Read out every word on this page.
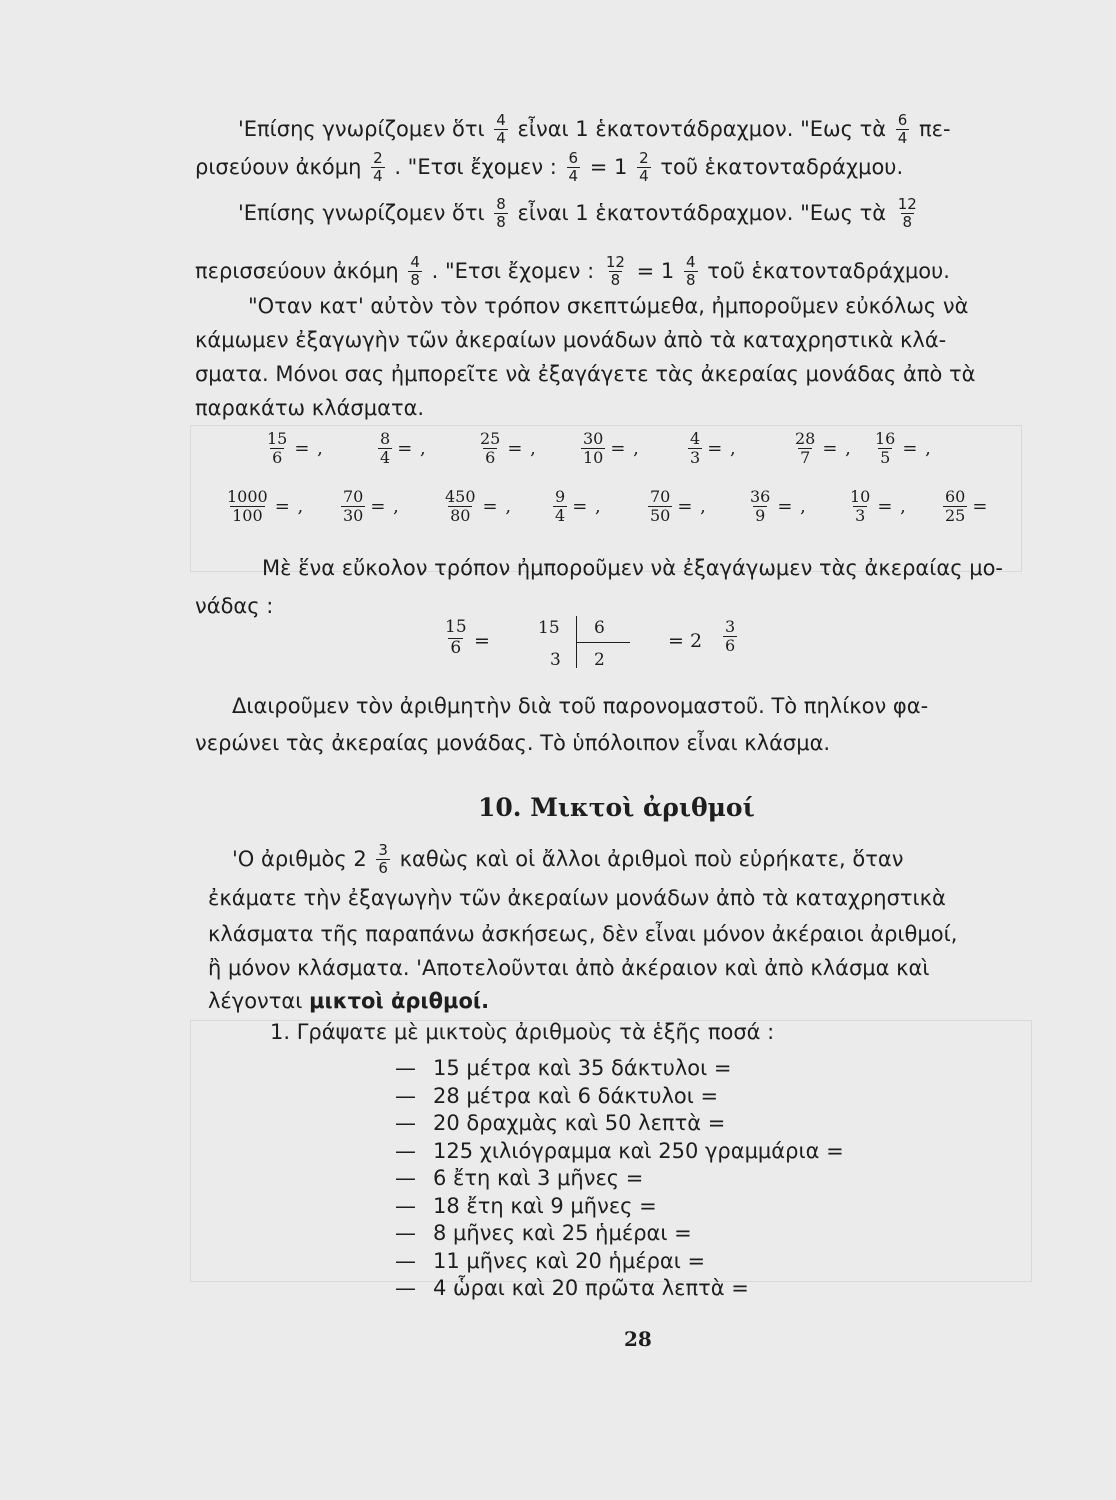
'Επίσης γνωρίζομεν ὅτι $\frac{4}{4}$ εἶναι 1 ἑκατοντάδραχμον. "Εως τὰ $\frac{6}{4} \pi\varepsilon-$
ρισεύουν ἀκόμη $\frac{2}{4}$ . "Ετσι ἔχομεν : $\frac{6}{4} = 1 \frac{2}{4}$ τοῦ ἑκατονταδράχμου.
'Επίσης γνωρίζομεν ὅτι $\frac{8}{8}$ εἶναι 1 ἑκατοντάδραχμον. "Εως τὰ $\frac{12}{8}$
περισσεύουν ἀκόμη $\frac{4}{8}$ . "Ετσι ἔχομεν : $\frac{12}{8} = 1 \frac{4}{8}$ τοῦ ἑκατονταδράχμου.
"Οταν κατ' αὐτὸν τὸν τρόπον σκεπτώμεθα, ἠμποροῦμεν εὐκόλως νὰ
κάμωμεν ἐξαγωγὴν τῶν ἀκεραίων μονάδων ἀπὸ τὰ καταχρηστικὰ κλά-
σματα. Μόνοι σας ἠμπορεῖτε νὰ ἐξαγάγετε τὰς ἀκεραίας μονάδας ἀπὸ τὰ
παρακάτω κλάσματα.
$\frac{15}{6}$ = ,	$\frac{8}{4}$ = ,	$\frac{25}{6}$ = ,	$\frac{30}{10}$ = ,	$\frac{4}{3}$ = ,	$\frac{28}{7}$ = , $\frac{16}{5}$ = ,
$\frac{1000}{100}$ = , $\frac{70}{30}$ = ,	$\frac{450}{80}$ = ,	$\frac{9}{4}$ = ,	$\frac{70}{50}$ = ,	$\frac{36}{9}$ = ,	$\frac{10}{3}$ = , $\frac{60}{25}$ =
Μὲ ἕνα εὔκολον τρόπον ἠμποροῦμεν νὰ ἐξαγάγωμεν τὰς ἀκεραίας μο-
νάδας :
$\frac{15}{6}$ =
15
3
6
2
= $2 \frac{3}{6}$
Διαιροῦμεν τὸν ἀριθμητὴν διὰ τοῦ παρονομαστοῦ. Τὸ πηλίκον φα-
νερώνει τὰς ἀκεραίας μονάδας. Τὸ ὑπόλοιπον εἶναι κλάσμα.
10. Μικτοὶ ἀριθμοί
'Ο ἀριθμὸς $2 \frac{3}{6}$ καθὼς καὶ οἱ ἄλλοι ἀριθμοὶ ποὺ εὑρήκατε, ὅταν
ἐκάματε τὴν ἐξαγωγὴν τῶν ἀκεραίων μονάδων ἀπὸ τὰ καταχρηστικὰ
κλάσματα τῆς παραπάνω ἀσκήσεως, δὲν εἶναι μόνον ἀκέραιοι ἀριθμοί,
ἢ μόνον κλάσματα. 'Αποτελοῦνται ἀπὸ ἀκέραιον καὶ ἀπὸ κλάσμα καὶ
λέγονται μικτοὶ ἀριθμοί.
1. Γράψατε μὲ μικτοὺς ἀριθμοὺς τὰ ἑξῆς ποσά :
— 15 μέτρα καὶ 35 δάκτυλοι =
— 28 μέτρα καὶ 6 δάκτυλοι =
— 20 δραχμὰς καὶ 50 λεπτὰ =
— 125 χιλιόγραμμα καὶ 250 γραμμάρια =
— 6 ἔτη καὶ 3 μῆνες =
— 18 ἔτη καὶ 9 μῆνες =
— 8 μῆνες καὶ 25 ἡμέραι =
— 11 μῆνες καὶ 20 ἡμέραι =
— 4 ὧραι καὶ 20 πρῶτα λεπτὰ =
28
